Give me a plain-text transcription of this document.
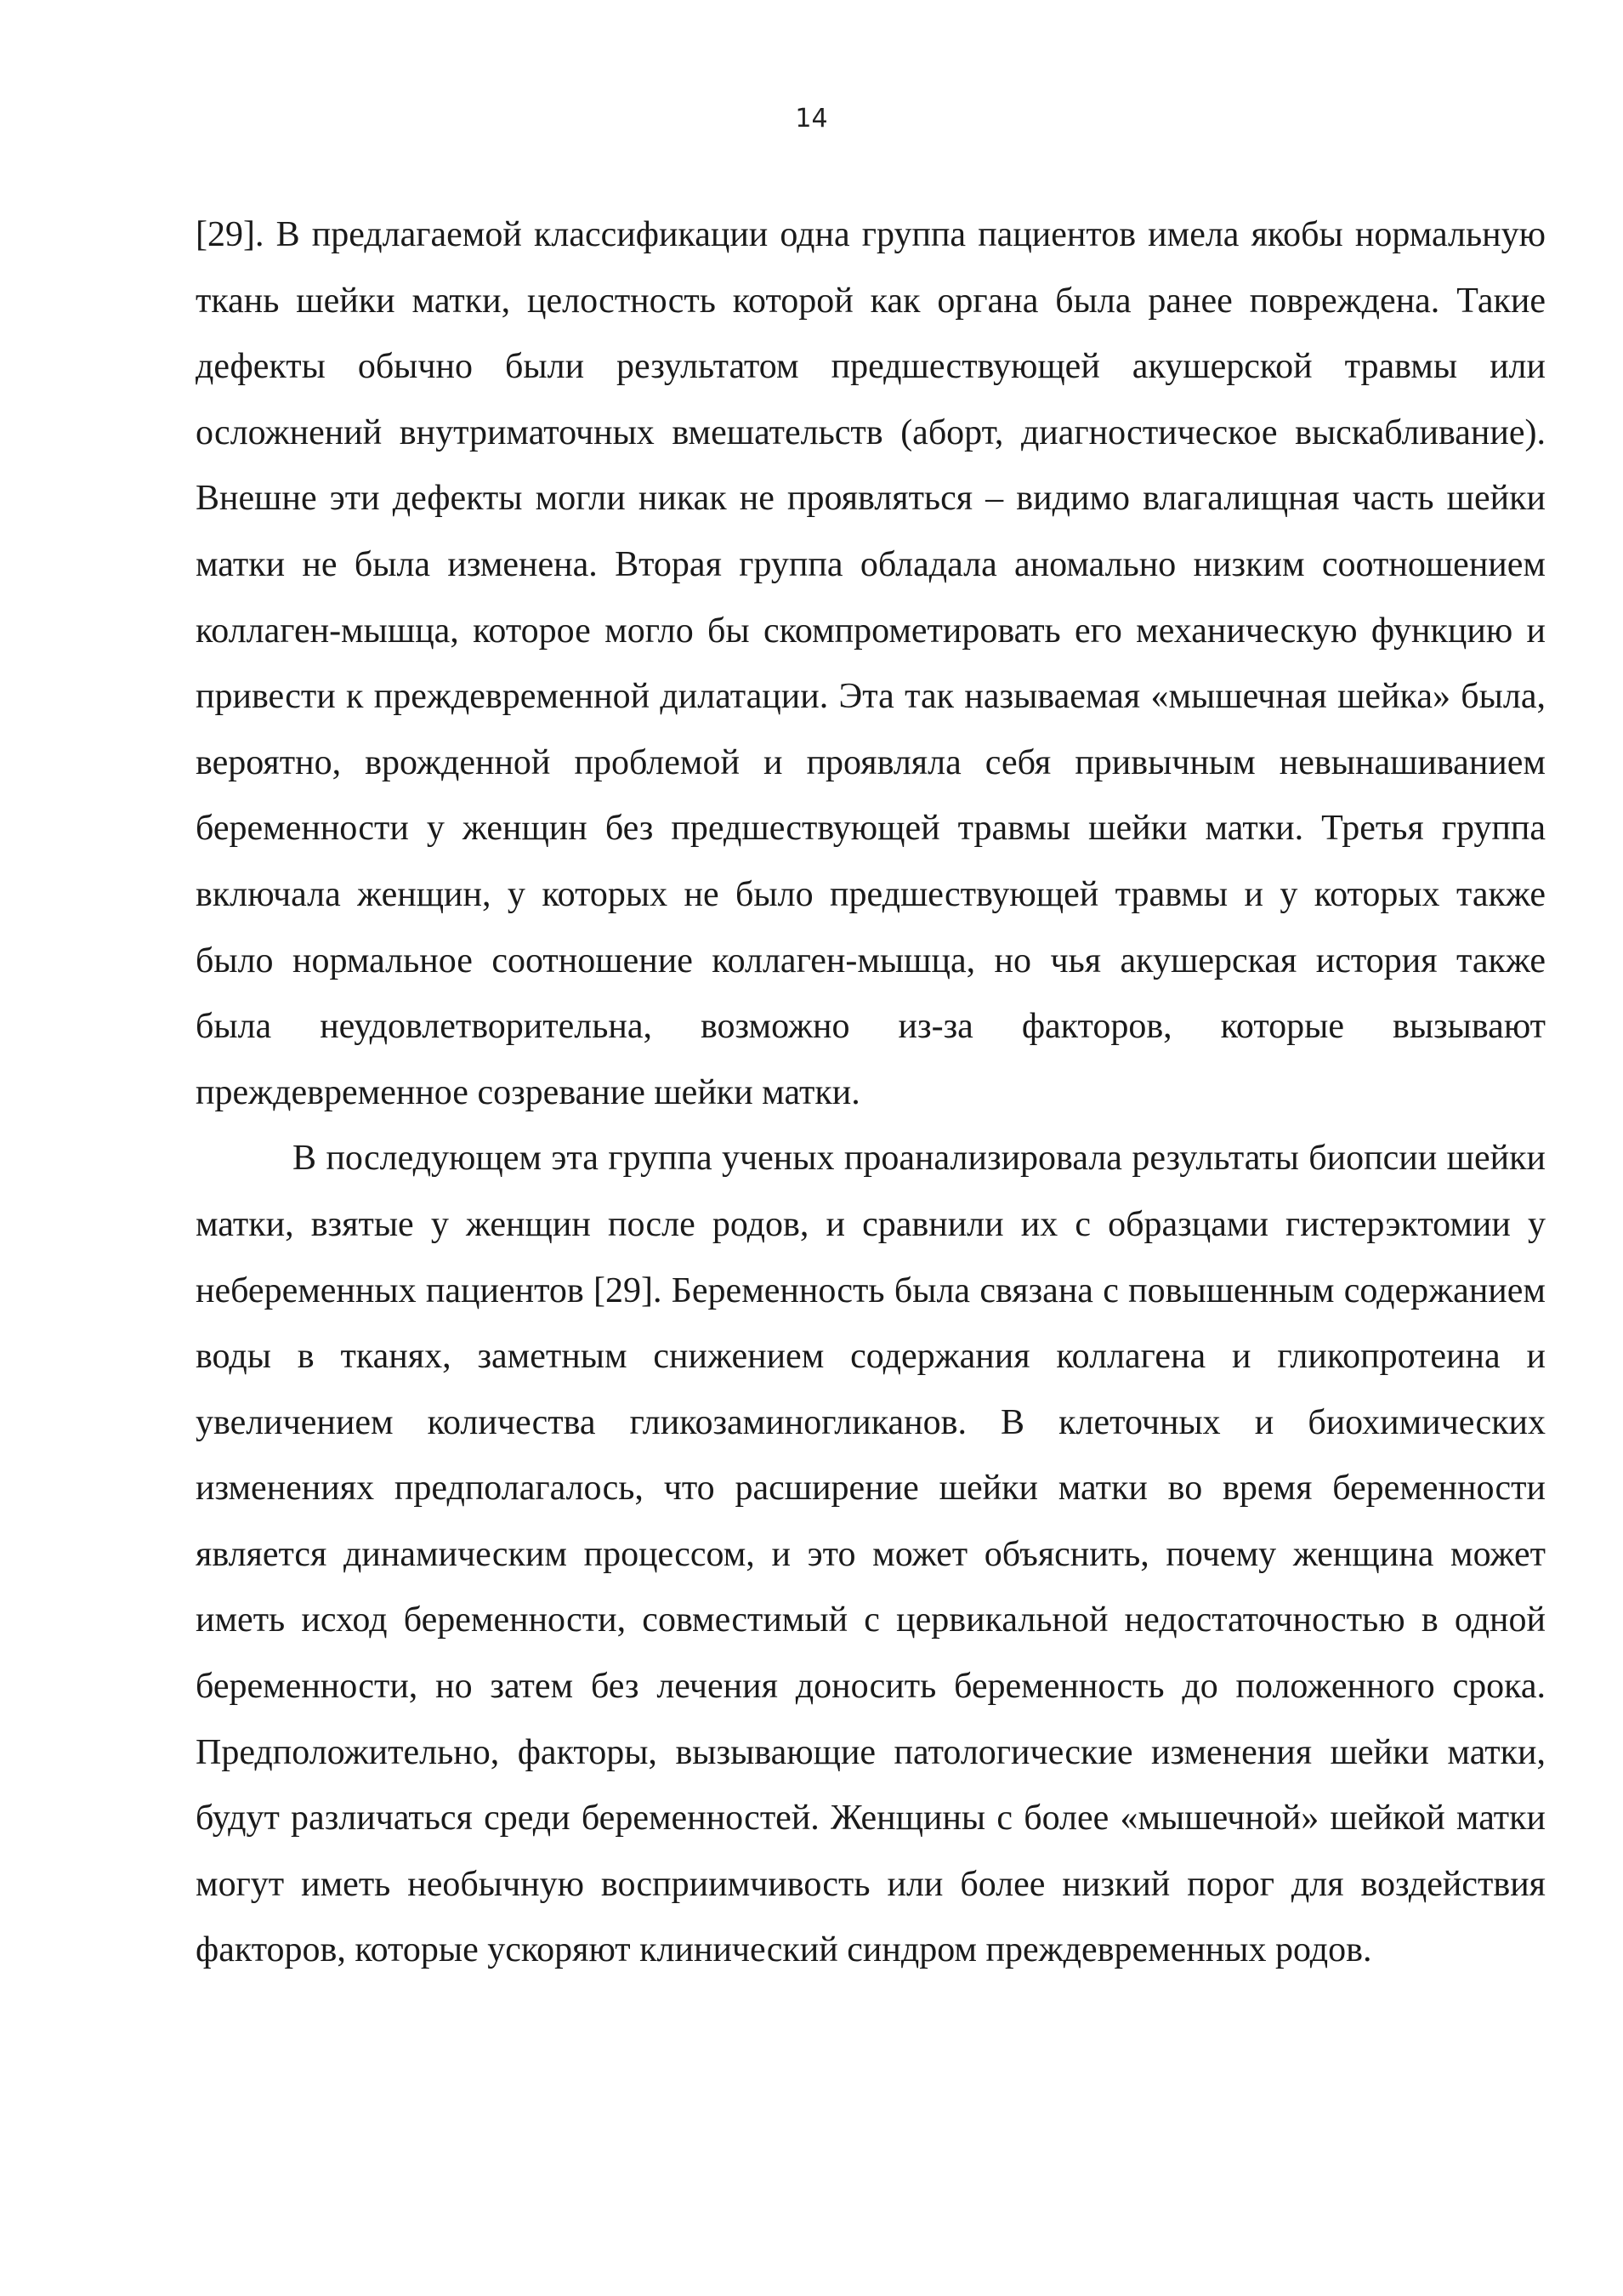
14

[29]. В предлагаемой классификации одна группа пациентов имела якобы нормальную ткань шейки матки, целостность которой как органа была ранее повреждена. Такие дефекты обычно были результатом предшествующей акушерской травмы или осложнений внутриматочных вмешательств (аборт, диагностическое выскабливание). Внешне эти дефекты могли никак не проявляться – видимо влагалищная часть шейки матки не была изменена. Вторая группа обладала аномально низким соотношением коллаген-мышца, которое могло бы скомпрометировать его механическую функцию и привести к преждевременной дилатации. Эта так называемая «мышечная шейка» была, вероятно, врожденной проблемой и проявляла себя привычным невынашиванием беременности у женщин без предшествующей травмы шейки матки. Третья группа включала женщин, у которых не было предшествующей травмы и у которых также было нормальное соотношение коллаген-мышца, но чья акушерская история также была неудовлетворительна, возможно из-за факторов, которые вызывают преждевременное созревание шейки матки.

В последующем эта группа ученых проанализировала результаты биопсии шейки матки, взятые у женщин после родов, и сравнили их с образцами гистерэктомии у небеременных пациентов [29]. Беременность была связана с повышенным содержанием воды в тканях, заметным снижением содержания коллагена и гликопротеина и увеличением количества гликозаминогликанов. В клеточных и биохимических изменениях предполагалось, что расширение шейки матки во время беременности является динамическим процессом, и это может объяснить, почему женщина может иметь исход беременности, совместимый с цервикальной недостаточностью в одной беременности, но затем без лечения доносить беременность до положенного срока. Предположительно, факторы, вызывающие патологические изменения шейки матки, будут различаться среди беременностей. Женщины с более «мышечной» шейкой матки могут иметь необычную восприимчивость или более низкий порог для воздействия факторов, которые ускоряют клинический синдром преждевременных родов.
